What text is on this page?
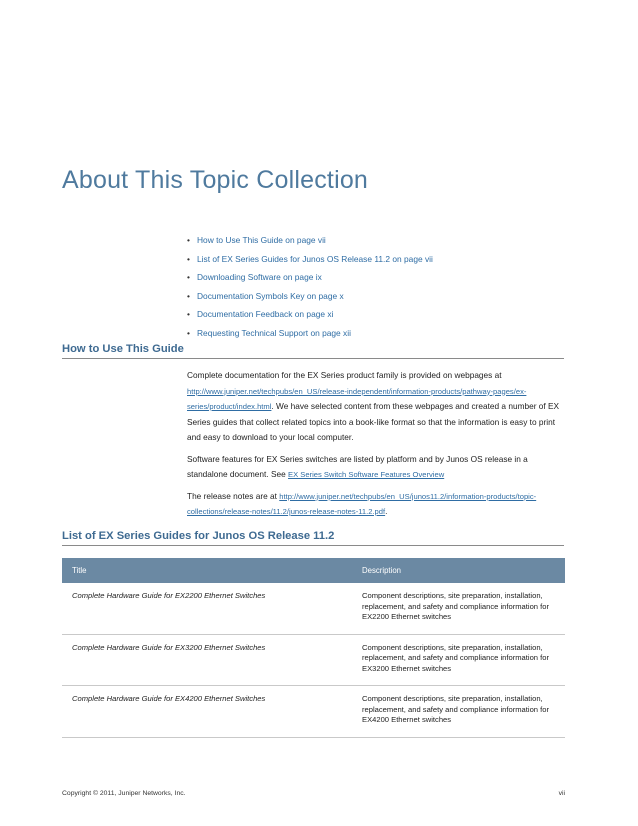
About This Topic Collection
• How to Use This Guide on page vii
• List of EX Series Guides for Junos OS Release 11.2 on page vii
• Downloading Software on page ix
• Documentation Symbols Key on page x
• Documentation Feedback on page xi
• Requesting Technical Support on page xii
How to Use This Guide

Complete documentation for the EX Series product family is provided on webpages at http://www.juniper.net/techpubs/en_US/release-independent/information-products/pathway-pages/ex-series/product/index.html. We have selected content from these webpages and created a number of EX Series guides that collect related topics into a book-like format so that the information is easy to print and easy to download to your local computer.

Software features for EX Series switches are listed by platform and by Junos OS release in a standalone document. See EX Series Switch Software Features Overview

The release notes are at http://www.juniper.net/techpubs/en_US/junos11.2/information-products/topic-collections/release-notes/11.2/junos-release-notes-11.2.pdf.

List of EX Series Guides for Junos OS Release 11.2
Title	Description
Complete Hardware Guide for EX2200 Ethernet Switches	Component descriptions, site preparation, installation, replacement, and safety and compliance information for EX2200 Ethernet switches
Complete Hardware Guide for EX3200 Ethernet Switches	Component descriptions, site preparation, installation, replacement, and safety and compliance information for EX3200 Ethernet switches
Complete Hardware Guide for EX4200 Ethernet Switches	Component descriptions, site preparation, installation, replacement, and safety and compliance information for EX4200 Ethernet switches
Copyright © 2011, Juniper Networks, Inc.	vii
